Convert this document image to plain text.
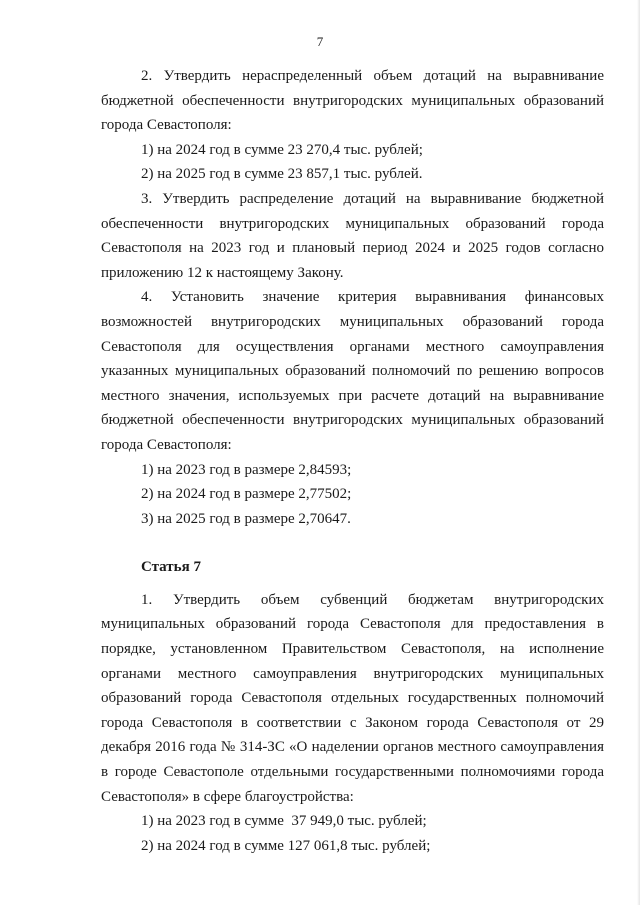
7

2. Утвердить нераспределенный объем дотаций на выравнивание бюджетной обеспеченности внутригородских муниципальных образований города Севастополя:

1) на 2024 год в сумме 23 270,4 тыс. рублей;

2) на 2025 год в сумме 23 857,1 тыс. рублей.

3. Утвердить распределение дотаций на выравнивание бюджетной обеспеченности внутригородских муниципальных образований города Севастополя на 2023 год и плановый период 2024 и 2025 годов согласно приложению 12 к настоящему Закону.

4. Установить значение критерия выравнивания финансовых возможностей внутригородских муниципальных образований города Севастополя для осуществления органами местного самоуправления указанных муниципальных образований полномочий по решению вопросов местного значения, используемых при расчете дотаций на выравнивание бюджетной обеспеченности внутригородских муниципальных образований города Севастополя:

1) на 2023 год в размере 2,84593;

2) на 2024 год в размере 2,77502;

3) на 2025 год в размере 2,70647.

Статья 7

1. Утвердить объем субвенций бюджетам внутригородских муниципальных образований города Севастополя для предоставления в порядке, установленном Правительством Севастополя, на исполнение органами местного самоуправления внутригородских муниципальных образований города Севастополя отдельных государственных полномочий города Севастополя в соответствии с Законом города Севастополя от 29 декабря 2016 года № 314-ЗС «О наделении органов местного самоуправления в городе Севастополе отдельными государственными полномочиями города Севастополя» в сфере благоустройства:

1) на 2023 год в сумме  37 949,0 тыс. рублей;

2) на 2024 год в сумме 127 061,8 тыс. рублей;
